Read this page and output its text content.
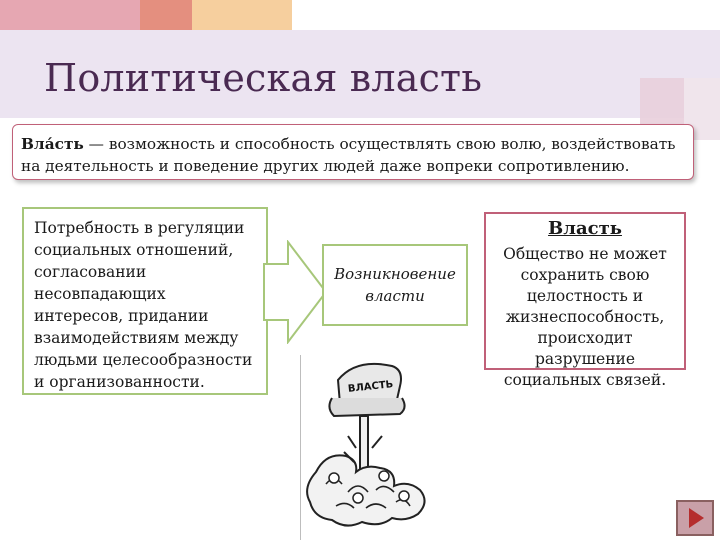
Политическая власть
Вла́сть — возможность и способность осуществлять свою волю, воздействовать на деятельность и поведение других людей даже вопреки сопротивлению.
Потребность в регуляции социальных отношений, согласовании несовпадающих интересов, придании взаимодействиям между людьми целесообразности и организованности.
Возникновение власти
Власть
Общество не может сохранить свою целостность и жизнеспособность, происходит разрушение социальных связей.
ВЛАСТЬ
